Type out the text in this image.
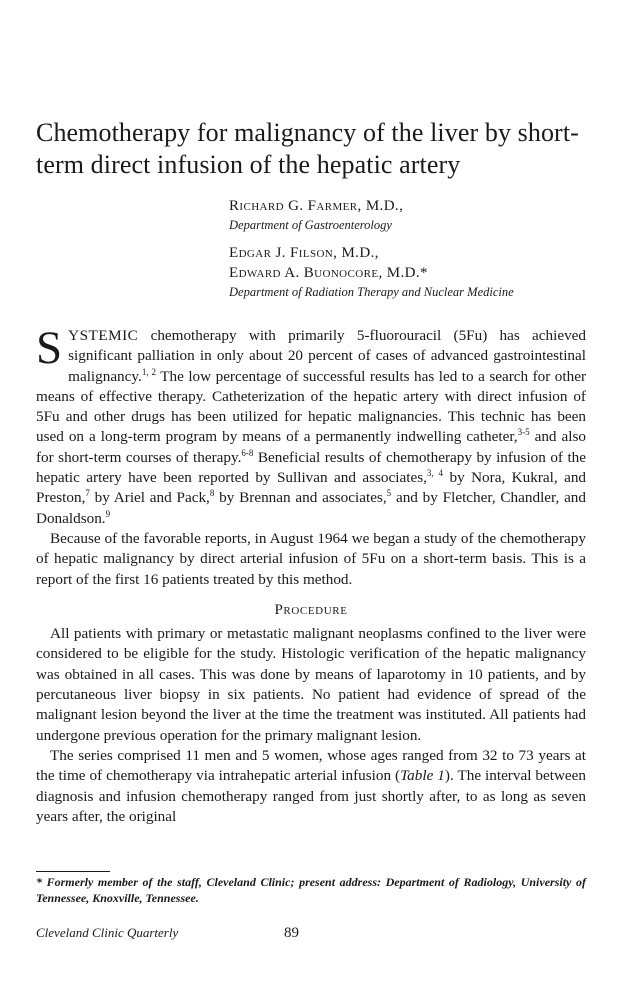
Chemotherapy for malignancy of the liver by short-term direct infusion of the hepatic artery
Richard G. Farmer, M.D.,
Department of Gastroenterology
Edgar J. Filson, M.D.,
Edward A. Buonocore, M.D.*
Department of Radiation Therapy and Nuclear Medicine

SYSTEMIC chemotherapy with primarily 5-fluorouracil (5Fu) has achieved significant palliation in only about 20 percent of cases of advanced gastrointestinal malignancy.$^{1, 2}$ The low percentage of successful results has led to a search for other means of effective therapy. Catheterization of the hepatic artery with direct infusion of 5Fu and other drugs has been utilized for hepatic malignancies. This technic has been used on a long-term program by means of a permanently indwelling catheter,$^{3-5}$ and also for short-term courses of therapy.$^{6-8}$ Beneficial results of chemotherapy by infusion of the hepatic artery have been reported by Sullivan and associates,$^{3, 4}$ by Nora, Kukral, and Preston,$^7$ by Ariel and Pack,$^8$ by Brennan and associates,$^5$ and by Fletcher, Chandler, and Donaldson.$^9$

Because of the favorable reports, in August 1964 we began a study of the chemotherapy of hepatic malignancy by direct arterial infusion of 5Fu on a short-term basis. This is a report of the first 16 patients treated by this method.

Procedure

All patients with primary or metastatic malignant neoplasms confined to the liver were considered to be eligible for the study. Histologic verification of the hepatic malignancy was obtained in all cases. This was done by means of laparotomy in 10 patients, and by percutaneous liver biopsy in six patients. No patient had evidence of spread of the malignant lesion beyond the liver at the time the treatment was instituted. All patients had undergone previous operation for the primary malignant lesion.

The series comprised 11 men and 5 women, whose ages ranged from 32 to 73 years at the time of chemotherapy via intrahepatic arterial infusion (Table 1). The interval between diagnosis and infusion chemotherapy ranged from just shortly after, to as long as seven years after, the original

* Formerly member of the staff, Cleveland Clinic; present address: Department of Radiology, University of Tennessee, Knoxville, Tennessee.
Cleveland Clinic Quarterly	89
